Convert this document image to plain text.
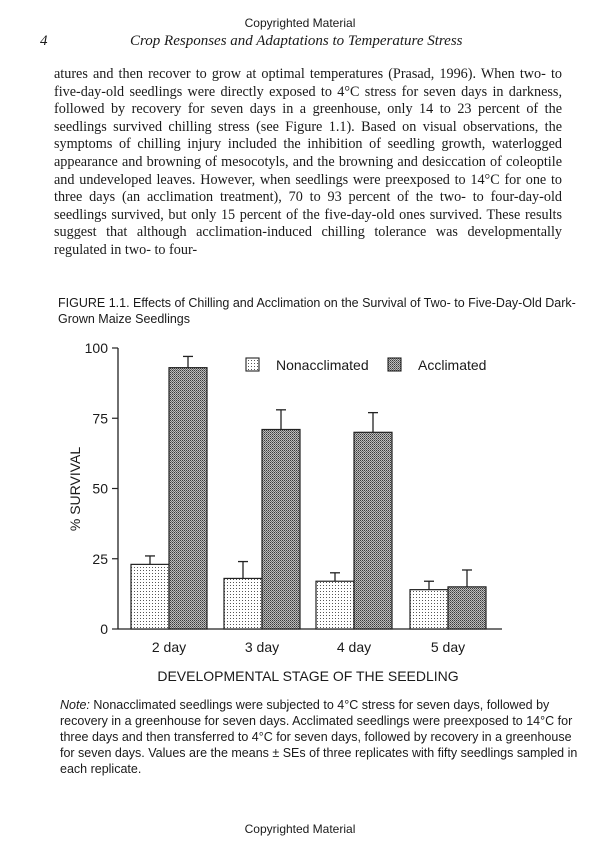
Copyrighted Material
4	Crop Responses and Adaptations to Temperature Stress

atures and then recover to grow at optimal temperatures (Prasad, 1996). When two- to five-day-old seedlings were directly exposed to 4°C stress for seven days in darkness, followed by recovery for seven days in a greenhouse, only 14 to 23 percent of the seedlings survived chilling stress (see Figure 1.1). Based on visual observations, the symptoms of chilling injury included the inhibition of seedling growth, waterlogged appearance and browning of mesocotyls, and the browning and desiccation of coleoptile and undeveloped leaves. However, when seedlings were preexposed to 14°C for one to three days (an acclimation treatment), 70 to 93 percent of the two- to four-day-old seedlings survived, but only 15 percent of the five-day-old ones survived. These results suggest that although acclimation-induced chilling tolerance was developmentally regulated in two- to four-

FIGURE 1.1. Effects of Chilling and Acclimation on the Survival of Two- to Five-Day-Old Dark-Grown Maize Seedlings
0
25
50
75
100
% SURVIVAL
2 day	3 day	4 day	5 day
DEVELOPMENTAL STAGE OF THE SEEDLING
Nonacclimated	Acclimated
Note: Nonacclimated seedlings were subjected to 4°C stress for seven days, followed by recovery in a greenhouse for seven days. Acclimated seedlings were preexposed to 14°C for three days and then transferred to 4°C for seven days, followed by recovery in a greenhouse for seven days. Values are the means ± SEs of three replicates with fifty seedlings sampled in each replicate.
Copyrighted Material
